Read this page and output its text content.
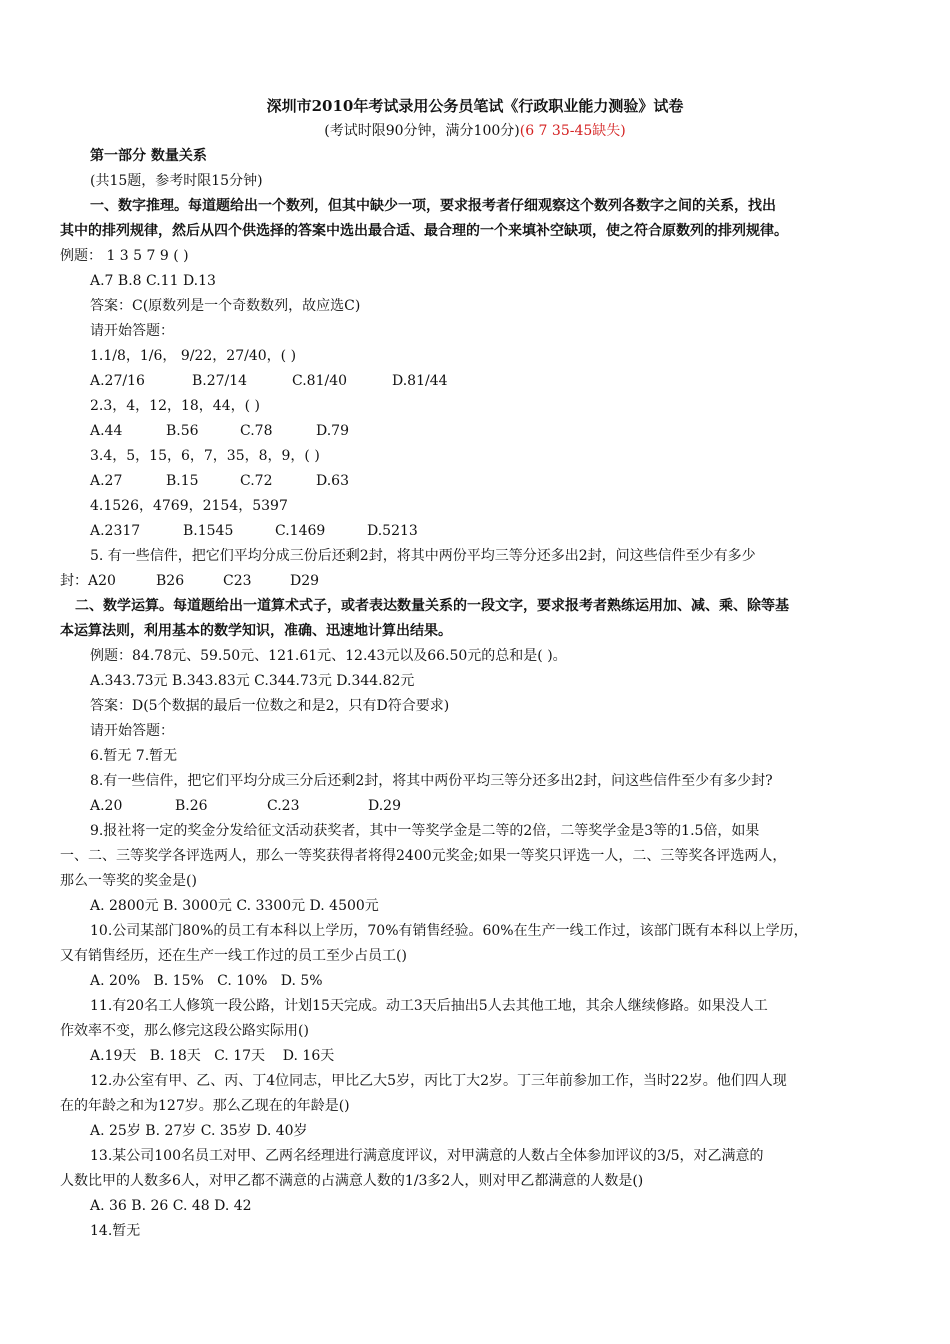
深圳市2010年考试录用公务员笔试《行政职业能力测验》试卷
(考试时限90分钟，满分100分)(6 7 35-45缺失)
第一部分 数量关系
(共15题，参考时限15分钟)
一、数字推理。每道题给出一个数列，但其中缺少一项，要求报考者仔细观察这个数列各数字之间的关系，找出
其中的排列规律，然后从四个供选择的答案中选出最合适、最合理的一个来填补空缺项，使之符合原数列的排列规律。
例题： 1 3 5 7 9 ( )
A.7 B.8 C.11 D.13
答案：C(原数列是一个奇数数列，故应选C)
请开始答题：
1.1/8，1/6， 9/22，27/40，( )
A.27/16	B.27/14	C.81/40	D.81/44
2.3，4，12，18，44，( )
A.44	B.56	C.78	D.79
3.4，5，15，6，7，35，8，9，( )
A.27	B.15	C.72	D.63
4.1526，4769，2154，5397
A.2317	B.1545	C.1469	D.5213
5. 有一些信件，把它们平均分成三份后还剩2封，将其中两份平均三等分还多出2封，问这些信件至少有多少
封：A20	B26	C23	D29
二、数学运算。每道题给出一道算术式子，或者表达数量关系的一段文字，要求报考者熟练运用加、减、乘、除等基
本运算法则，利用基本的数学知识，准确、迅速地计算出结果。
例题：84.78元、59.50元、121.61元、12.43元以及66.50元的总和是( )。
A.343.73元 B.343.83元 C.344.73元 D.344.82元
答案：D(5个数据的最后一位数之和是2，只有D符合要求)
请开始答题：
6.暂无 7.暂无
8.有一些信件，把它们平均分成三分后还剩2封，将其中两份平均三等分还多出2封，问这些信件至少有多少封?
A.20	B.26	C.23	D.29
9.报社将一定的奖金分发给征文活动获奖者，其中一等奖学金是二等的2倍，二等奖学金是3等的1.5倍，如果
一、二、三等奖学各评选两人，那么一等奖获得者将得2400元奖金;如果一等奖只评选一人，二、三等奖各评选两人，
那么一等奖的奖金是()
A. 2800元 B. 3000元 C. 3300元 D. 4500元
10.公司某部门80%的员工有本科以上学历，70%有销售经验。60%在生产一线工作过，该部门既有本科以上学历，
又有销售经历，还在生产一线工作过的员工至少占员工()
A. 20%   B. 15%   C. 10%   D. 5%
11.有20名工人修筑一段公路，计划15天完成。动工3天后抽出5人去其他工地，其余人继续修路。如果没人工
作效率不变，那么修完这段公路实际用()
A.19天   B. 18天   C. 17天    D. 16天
12.办公室有甲、乙、丙、丁4位同志，甲比乙大5岁，丙比丁大2岁。丁三年前参加工作，当时22岁。他们四人现
在的年龄之和为127岁。那么乙现在的年龄是()
A. 25岁 B. 27岁 C. 35岁 D. 40岁
13.某公司100名员工对甲、乙两名经理进行满意度评议，对甲满意的人数占全体参加评议的3/5，对乙满意的
人数比甲的人数多6人，对甲乙都不满意的占满意人数的1/3多2人，则对甲乙都满意的人数是()
A. 36 B. 26 C. 48 D. 42
14.暂无
